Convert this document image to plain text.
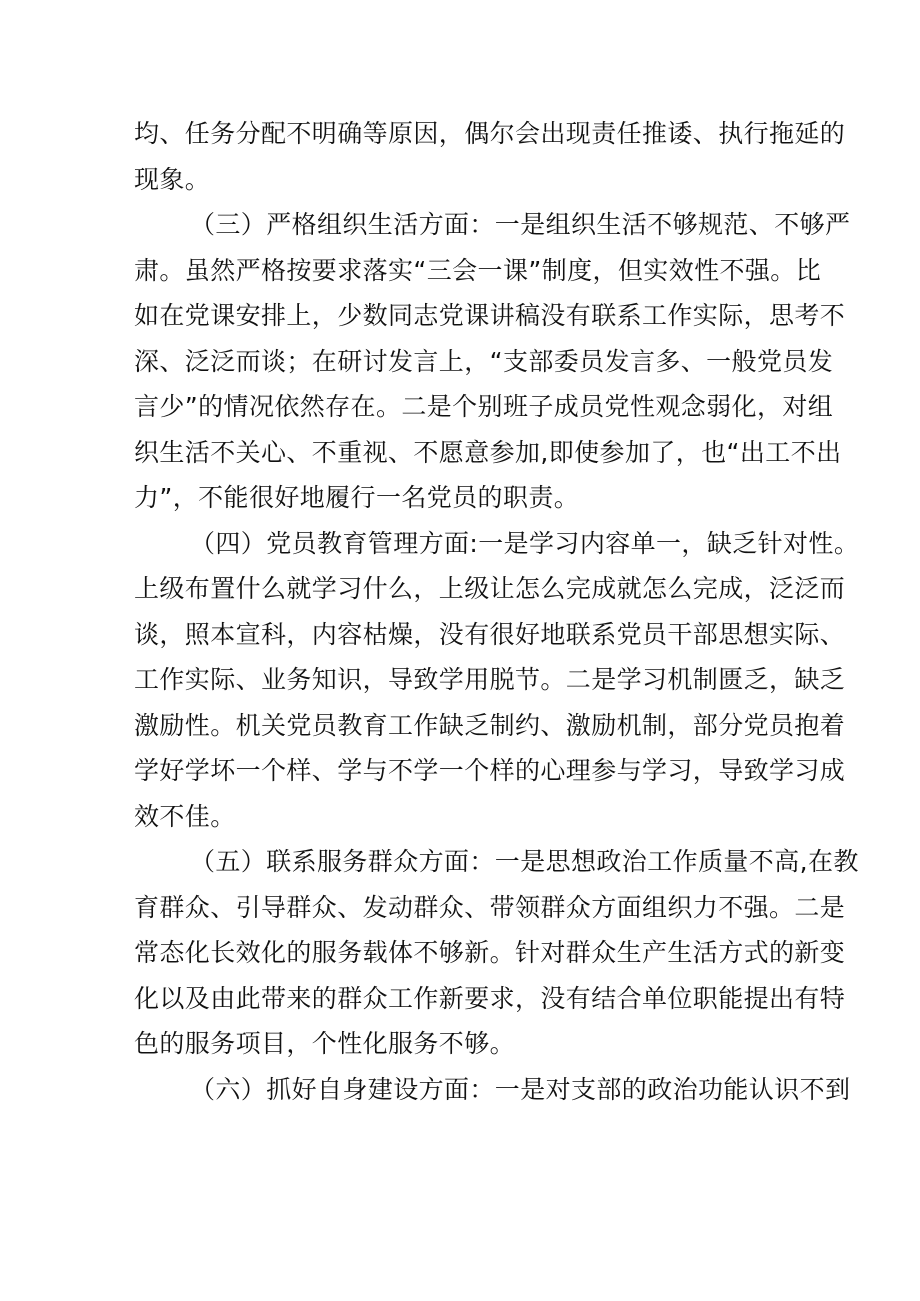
均、任务分配不明确等原因，偶尔会出现责任推诿、执行拖延的
现象。
（三）严格组织生活方面：一是组织生活不够规范、不够严
肃。虽然严格按要求落实“三会一课”制度，但实效性不强。比
如在党课安排上，少数同志党课讲稿没有联系工作实际，思考不
深、泛泛而谈；在研讨发言上，“支部委员发言多、一般党员发
言少”的情况依然存在。二是个别班子成员党性观念弱化，对组
织生活不关心、不重视、不愿意参加,即使参加了，也“出工不出
力”，不能很好地履行一名党员的职责。
（四）党员教育管理方面:一是学习内容单一，缺乏针对性。
上级布置什么就学习什么，上级让怎么完成就怎么完成，泛泛而
谈，照本宣科，内容枯燥，没有很好地联系党员干部思想实际、
工作实际、业务知识，导致学用脱节。二是学习机制匮乏，缺乏
激励性。机关党员教育工作缺乏制约、激励机制，部分党员抱着
学好学坏一个样、学与不学一个样的心理参与学习，导致学习成
效不佳。
（五）联系服务群众方面：一是思想政治工作质量不高,在教
育群众、引导群众、发动群众、带领群众方面组织力不强。二是
常态化长效化的服务载体不够新。针对群众生产生活方式的新变
化以及由此带来的群众工作新要求，没有结合单位职能提出有特
色的服务项目，个性化服务不够。
（六）抓好自身建设方面：一是对支部的政治功能认识不到
